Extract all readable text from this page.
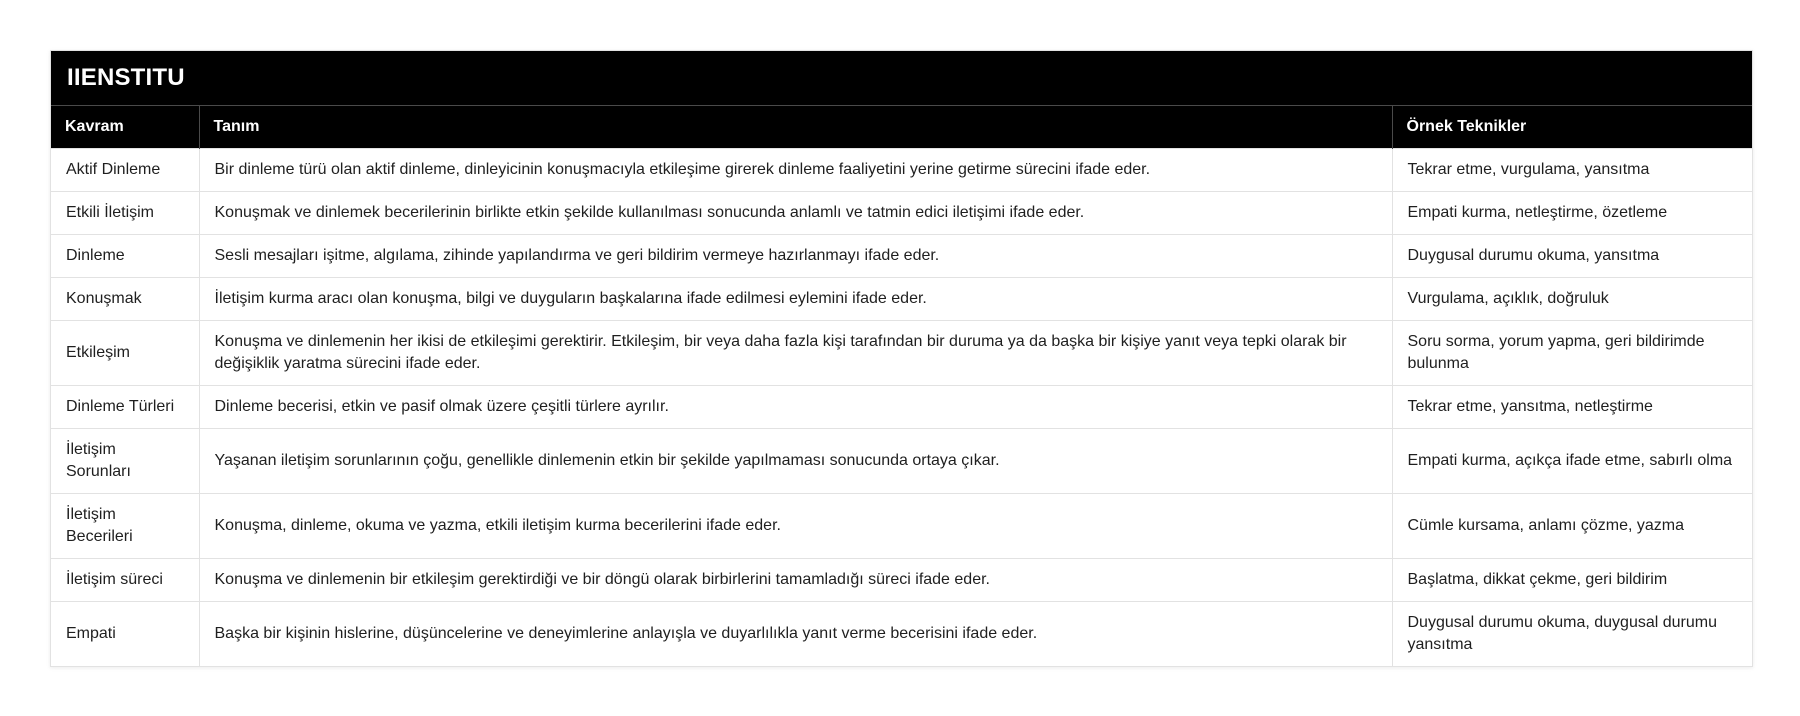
IIENSTITU
Kavram	Tanım	Örnek Teknikler
Aktif Dinleme	Bir dinleme türü olan aktif dinleme, dinleyicinin konuşmacıyla etkileşime girerek dinleme faaliyetini yerine getirme sürecini ifade eder.	Tekrar etme, vurgulama, yansıtma
Etkili İletişim	Konuşmak ve dinlemek becerilerinin birlikte etkin şekilde kullanılması sonucunda anlamlı ve tatmin edici iletişimi ifade eder.	Empati kurma, netleştirme, özetleme
Dinleme	Sesli mesajları işitme, algılama, zihinde yapılandırma ve geri bildirim vermeye hazırlanmayı ifade eder.	Duygusal durumu okuma, yansıtma
Konuşmak	İletişim kurma aracı olan konuşma, bilgi ve duyguların başkalarına ifade edilmesi eylemini ifade eder.	Vurgulama, açıklık, doğruluk
Etkileşim	Konuşma ve dinlemenin her ikisi de etkileşimi gerektirir. Etkileşim, bir veya daha fazla kişi tarafından bir duruma ya da başka bir kişiye yanıt veya tepki olarak bir değişiklik yaratma sürecini ifade eder.	Soru sorma, yorum yapma, geri bildirimde bulunma
Dinleme Türleri	Dinleme becerisi, etkin ve pasif olmak üzere çeşitli türlere ayrılır.	Tekrar etme, yansıtma, netleştirme
İletişim Sorunları	Yaşanan iletişim sorunlarının çoğu, genellikle dinlemenin etkin bir şekilde yapılmaması sonucunda ortaya çıkar.	Empati kurma, açıkça ifade etme, sabırlı olma
İletişim Becerileri	Konuşma, dinleme, okuma ve yazma, etkili iletişim kurma becerilerini ifade eder.	Cümle kursama, anlamı çözme, yazma
İletişim süreci	Konuşma ve dinlemenin bir etkileşim gerektirdiği ve bir döngü olarak birbirlerini tamamladığı süreci ifade eder.	Başlatma, dikkat çekme, geri bildirim
Empati	Başka bir kişinin hislerine, düşüncelerine ve deneyimlerine anlayışla ve duyarlılıkla yanıt verme becerisini ifade eder.	Duygusal durumu okuma, duygusal durumu yansıtma
